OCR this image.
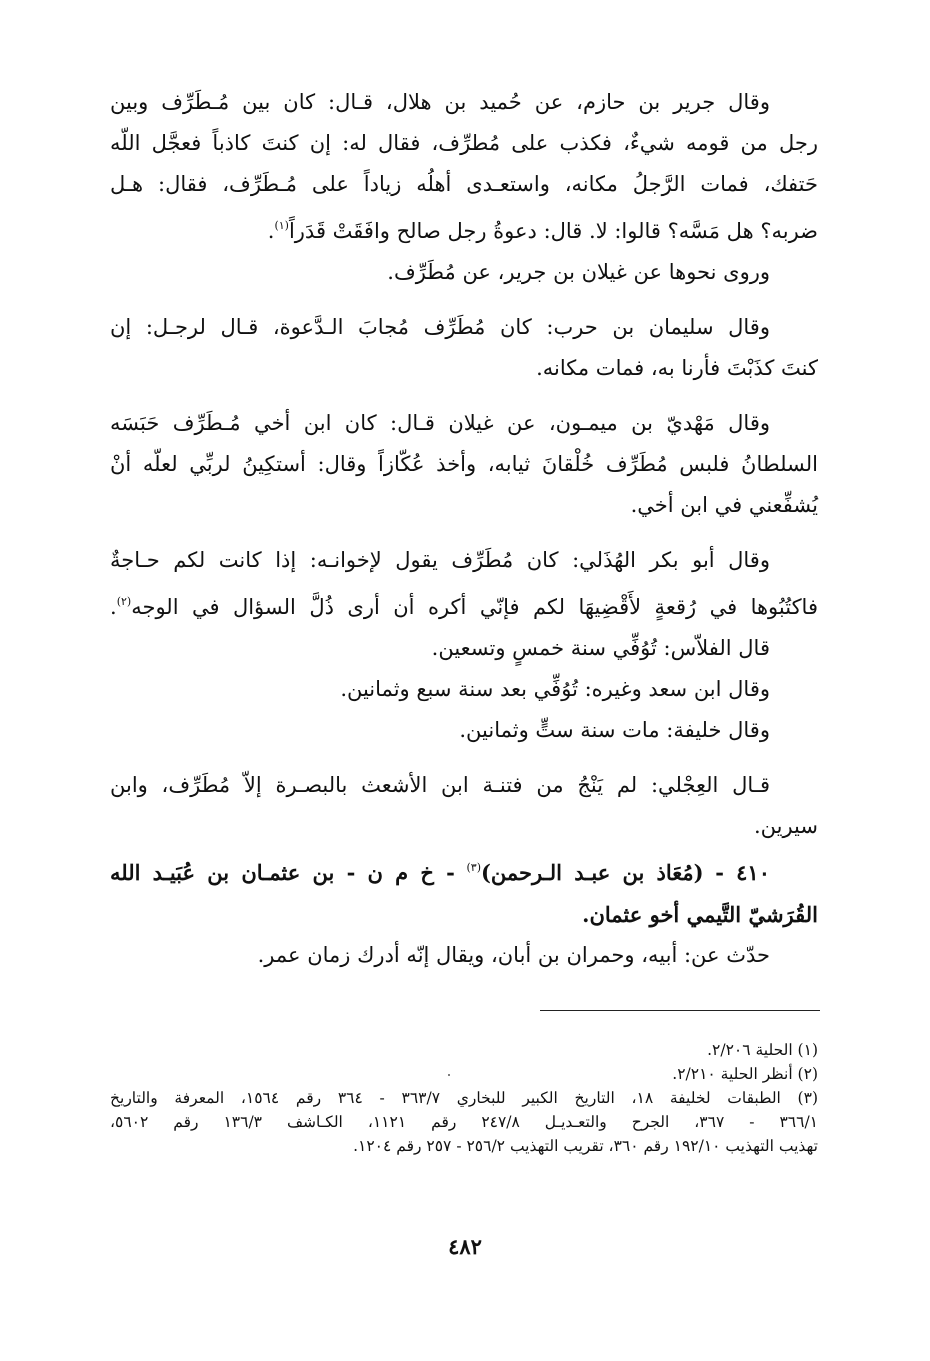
وقال جرير بن حازم، عن حُميد بن هلال، قـال: كان بين مُـطَرِّف وبين
رجل من قومه شيءٌ، فكذب على مُطرِّف، فقال له: إن كنتَ كاذباً فعجَّل اللّه
حَتفك، فمات الرَّجلُ مكانه، واستعـدى أهلُه زياداً على مُـطَرِّف، فقال: هـل
ضربه؟ هل مَسَّه؟ قالوا: لا. قال: دعوةُ رجل صالح وافَقَتْ قَدَراً$^{(١)}$.
وروى نحوها عن غيلان بن جرير، عن مُطَرِّف.
وقال سليمان بن حرب: كان مُطَرِّف مُجابَ الـدَّعوة، قـال لرجـل: إن
كنتَ كذَبْتَ فأرنا به، فمات مكانه.
وقال مَهْديّ بن ميمـون، عن غيلان قـال: كان ابن أخي مُـطَرِّف حَبَسَه
السلطانُ فلبس مُطَرِّف خُلْقانَ ثيابه، وأخذ عُكّازاً وقال: أستكِينُ لربِّي لعلّه أنْ
يُشفِّعني في ابن أخي.
وقال أبو بكر الهُذَلي: كان مُطَرِّف يقول لإخوانـه: إذا كانت لكم حـاجةٌ
فاكتُبُوها في رُقعةٍ لأَقْضِيهَا لكم فإنّي أكره أن أرى ذُلَّ السؤال في الوجه$^{(٢)}$.
قال الفلاّس: تُوُفِّي سنة خمسٍ وتسعين.
وقال ابن سعد وغيره: تُوُفِّي بعد سنة سبع وثمانين.
وقال خليفة: مات سنة ستٍّ وثمانين.
قـال العِجْلي: لم يَنْجُ من فتنـة ابن الأشعث بالبصـرة إلاّ مُطَرِّف، وابن
سيرين.
٤١٠ - (مُعَاذ بن عبـد الـرحمن)$^{(٣)}$ - خ م ن - بن عثمـان بن عُبَيـد الله
القُرَشيّ التَّيمي أخو عثمان.
حدّث عن: أبيه، وحمران بن أبان، ويقال إنّه أدرك زمان عمر.
(١) الحلية ٢/٢٠٦.
(٢) أنظر الحلية ٢/٢١٠.
(٣) الطبقات لخليفة ١٨، التاريخ الكبير للبخاري ٣٦٣/٧ - ٣٦٤ رقم ١٥٦٤، المعرفة والتاريخ
٣٦٦/١ - ٣٦٧، الجرح والتعـديـل ٢٤٧/٨ رقم ١١٢١، الكـاشف ١٣٦/٣ رقم ٥٦٠٢،
تهذيب التهذيب ١٩٢/١٠ رقم ٣٦٠، تقريب التهذيب ٢٥٦/٢ - ٢٥٧ رقم ١٢٠٤.
٤٨٢
